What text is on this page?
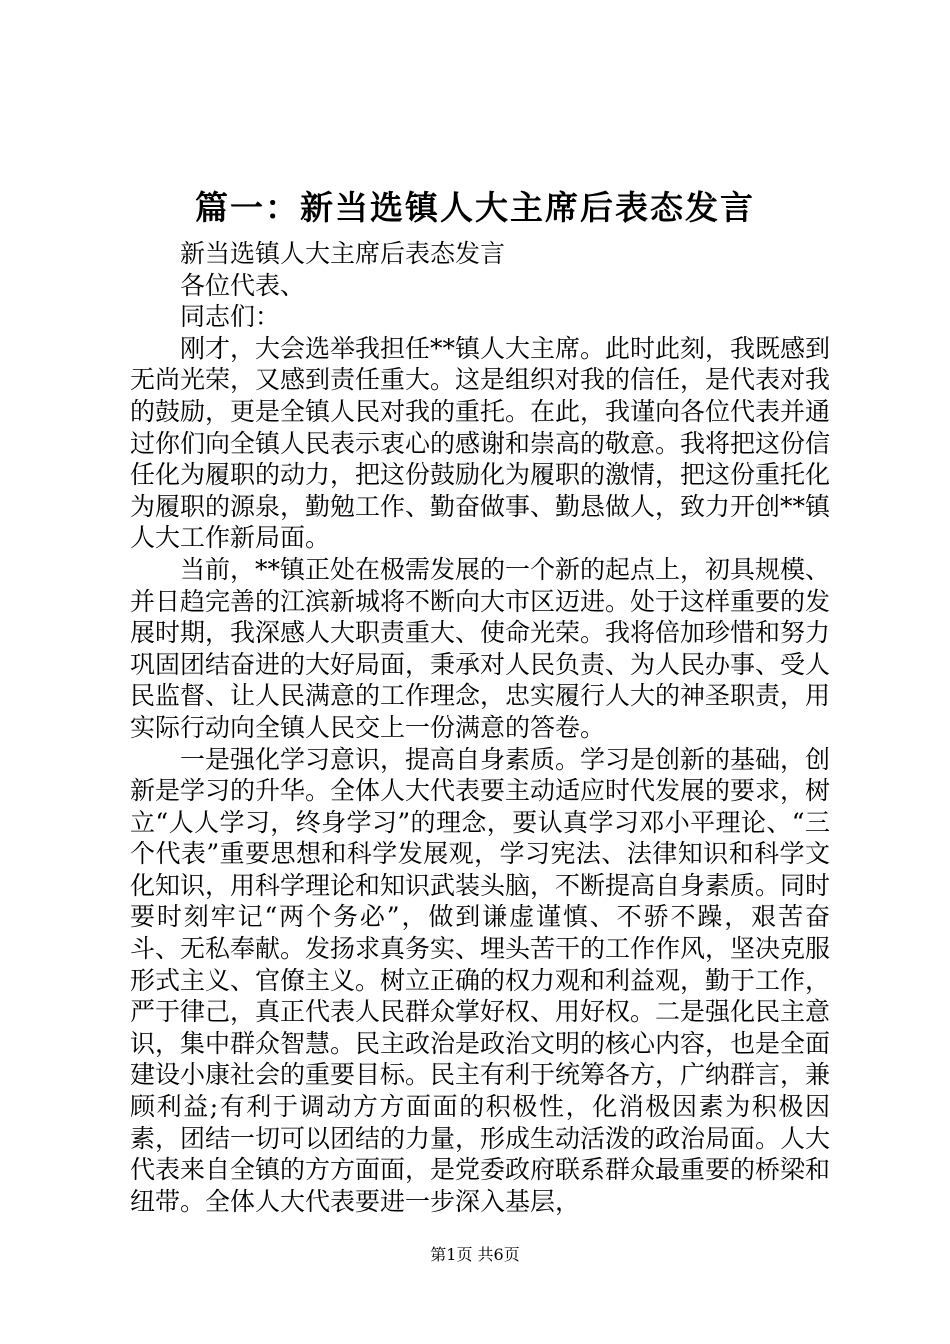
篇一：新当选镇人大主席后表态发言

新当选镇人大主席后表态发言

各位代表、

同志们：

刚才，大会选举我担任**镇人大主席。此时此刻，我既感到无尚光荣，又感到责任重大。这是组织对我的信任，是代表对我的鼓励，更是全镇人民对我的重托。在此，我谨向各位代表并通过你们向全镇人民表示衷心的感谢和崇高的敬意。我将把这份信任化为履职的动力，把这份鼓励化为履职的激情，把这份重托化为履职的源泉，勤勉工作、勤奋做事、勤恳做人，致力开创**镇人大工作新局面。

当前，**镇正处在极需发展的一个新的起点上，初具规模、并日趋完善的江滨新城将不断向大市区迈进。处于这样重要的发展时期，我深感人大职责重大、使命光荣。我将倍加珍惜和努力巩固团结奋进的大好局面，秉承对人民负责、为人民办事、受人民监督、让人民满意的工作理念，忠实履行人大的神圣职责，用实际行动向全镇人民交上一份满意的答卷。

一是强化学习意识，提高自身素质。学习是创新的基础，创新是学习的升华。全体人大代表要主动适应时代发展的要求，树立“人人学习，终身学习”的理念，要认真学习邓小平理论、“三个代表”重要思想和科学发展观，学习宪法、法律知识和科学文化知识，用科学理论和知识武装头脑，不断提高自身素质。同时要时刻牢记“两个务必”，做到谦虚谨慎、不骄不躁，艰苦奋斗、无私奉献。发扬求真务实、埋头苦干的工作作风，坚决克服形式主义、官僚主义。树立正确的权力观和利益观，勤于工作，严于律己，真正代表人民群众掌好权、用好权。二是强化民主意识，集中群众智慧。民主政治是政治文明的核心内容，也是全面建设小康社会的重要目标。民主有利于统筹各方，广纳群言，兼顾利益;有利于调动方方面面的积极性，化消极因素为积极因素，团结一切可以团结的力量，形成生动活泼的政治局面。人大代表来自全镇的方方面面，是党委政府联系群众最重要的桥梁和纽带。全体人大代表要进一步深入基层，

第1页 共6页
